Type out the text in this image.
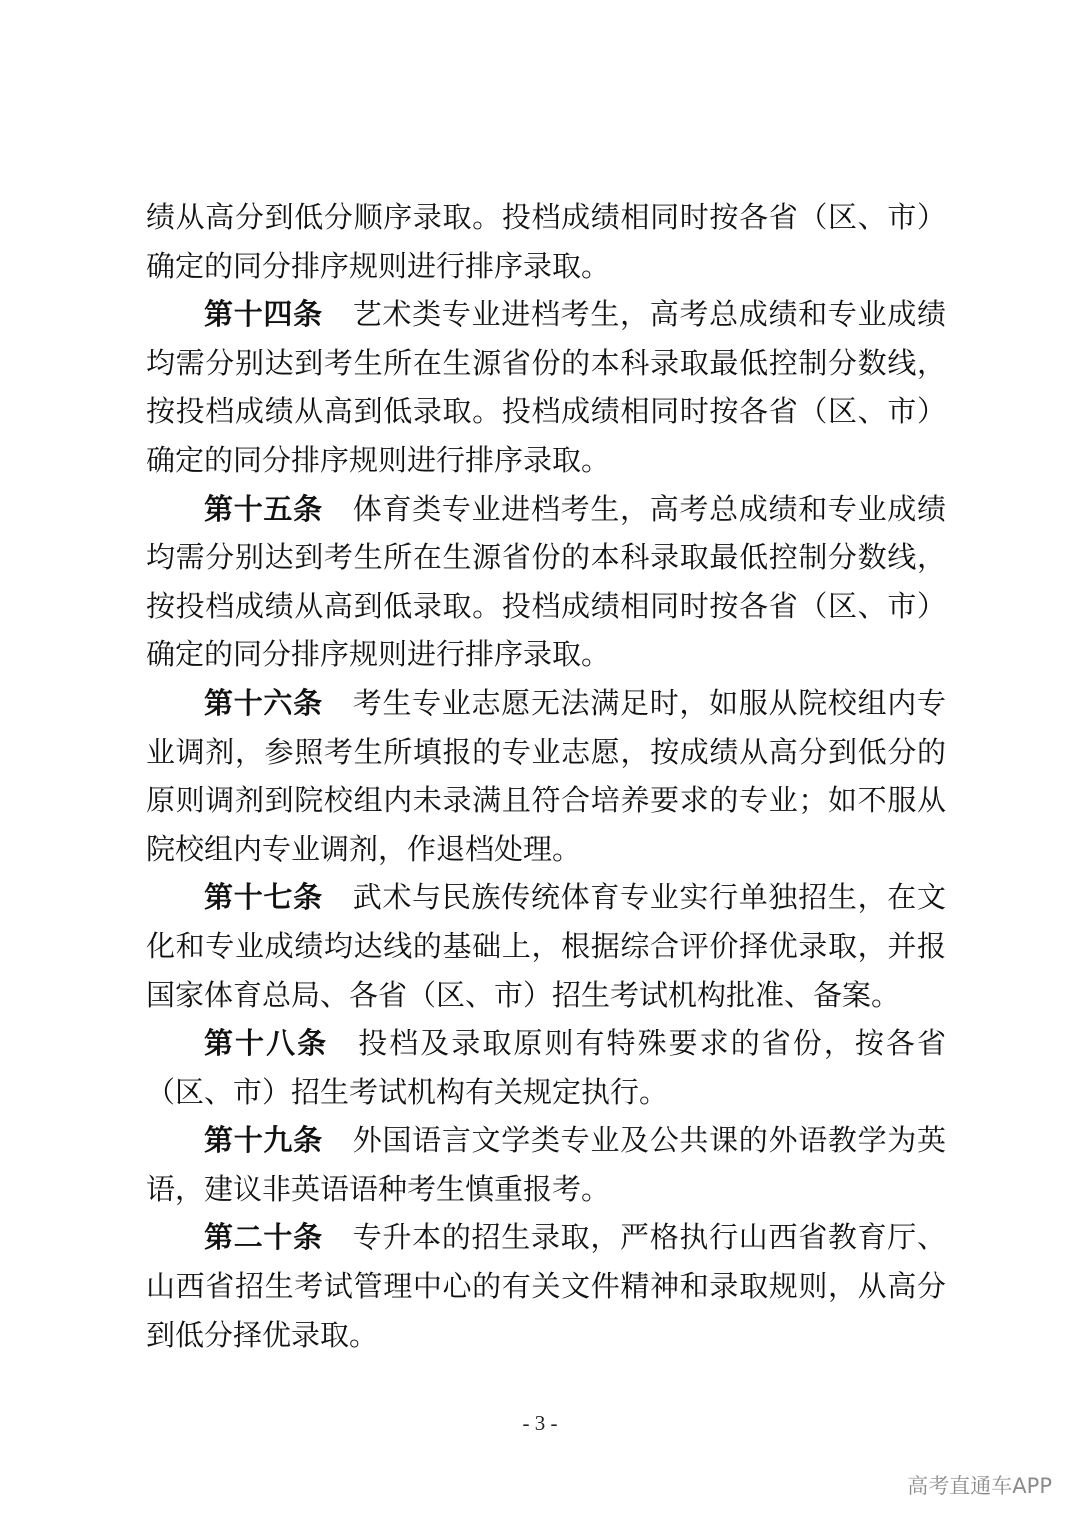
绩从高分到低分顺序录取。投档成绩相同时按各省（区、市）确定的同分排序规则进行排序录取。

第十四条 艺术类专业进档考生，高考总成绩和专业成绩均需分别达到考生所在生源省份的本科录取最低控制分数线，按投档成绩从高到低录取。投档成绩相同时按各省（区、市）确定的同分排序规则进行排序录取。

第十五条 体育类专业进档考生，高考总成绩和专业成绩均需分别达到考生所在生源省份的本科录取最低控制分数线，按投档成绩从高到低录取。投档成绩相同时按各省（区、市）确定的同分排序规则进行排序录取。

第十六条 考生专业志愿无法满足时，如服从院校组内专业调剂，参照考生所填报的专业志愿，按成绩从高分到低分的原则调剂到院校组内未录满且符合培养要求的专业；如不服从院校组内专业调剂，作退档处理。

第十七条 武术与民族传统体育专业实行单独招生，在文化和专业成绩均达线的基础上，根据综合评价择优录取，并报国家体育总局、各省（区、市）招生考试机构批准、备案。

第十八条 投档及录取原则有特殊要求的省份，按各省（区、市）招生考试机构有关规定执行。

第十九条 外国语言文学类专业及公共课的外语教学为英语，建议非英语语种考生慎重报考。

第二十条 专升本的招生录取，严格执行山西省教育厅、山西省招生考试管理中心的有关文件精神和录取规则，从高分到低分择优录取。

- 3 -
高考直通车APP
